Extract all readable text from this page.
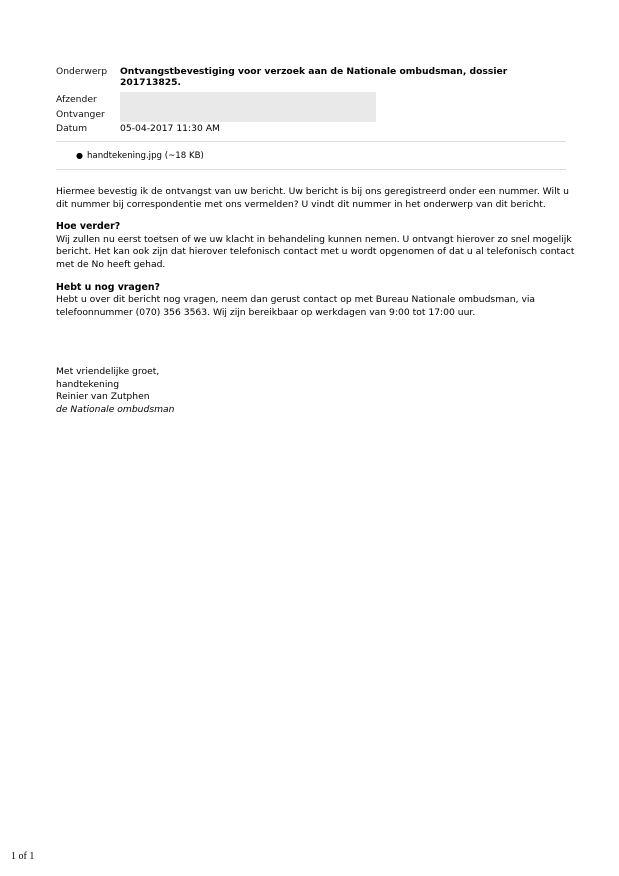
Onderwerp	Ontvangstbevestiging voor verzoek aan de Nationale ombudsman, dossier 201713825.
Afzender
Ontvanger
Datum	05-04-2017 11:30 AM
● handtekening.jpg (~18 KB)

Hiermee bevestig ik de ontvangst van uw bericht. Uw bericht is bij ons geregistreerd onder een nummer. Wilt u dit nummer bij correspondentie met ons vermelden? U vindt dit nummer in het onderwerp van dit bericht.

Hoe verder?

Wij zullen nu eerst toetsen of we uw klacht in behandeling kunnen nemen. U ontvangt hierover zo snel mogelijk bericht. Het kan ook zijn dat hierover telefonisch contact met u wordt opgenomen of dat u al telefonisch contact met de No heeft gehad.

Hebt u nog vragen?

Hebt u over dit bericht nog vragen, neem dan gerust contact op met Bureau Nationale ombudsman, via telefoonnummer (070) 356 3563. Wij zijn bereikbaar op werkdagen van 9:00 tot 17:00 uur.

Met vriendelijke groet,
handtekening
Reinier van Zutphen
de Nationale ombudsman
1 of 1
